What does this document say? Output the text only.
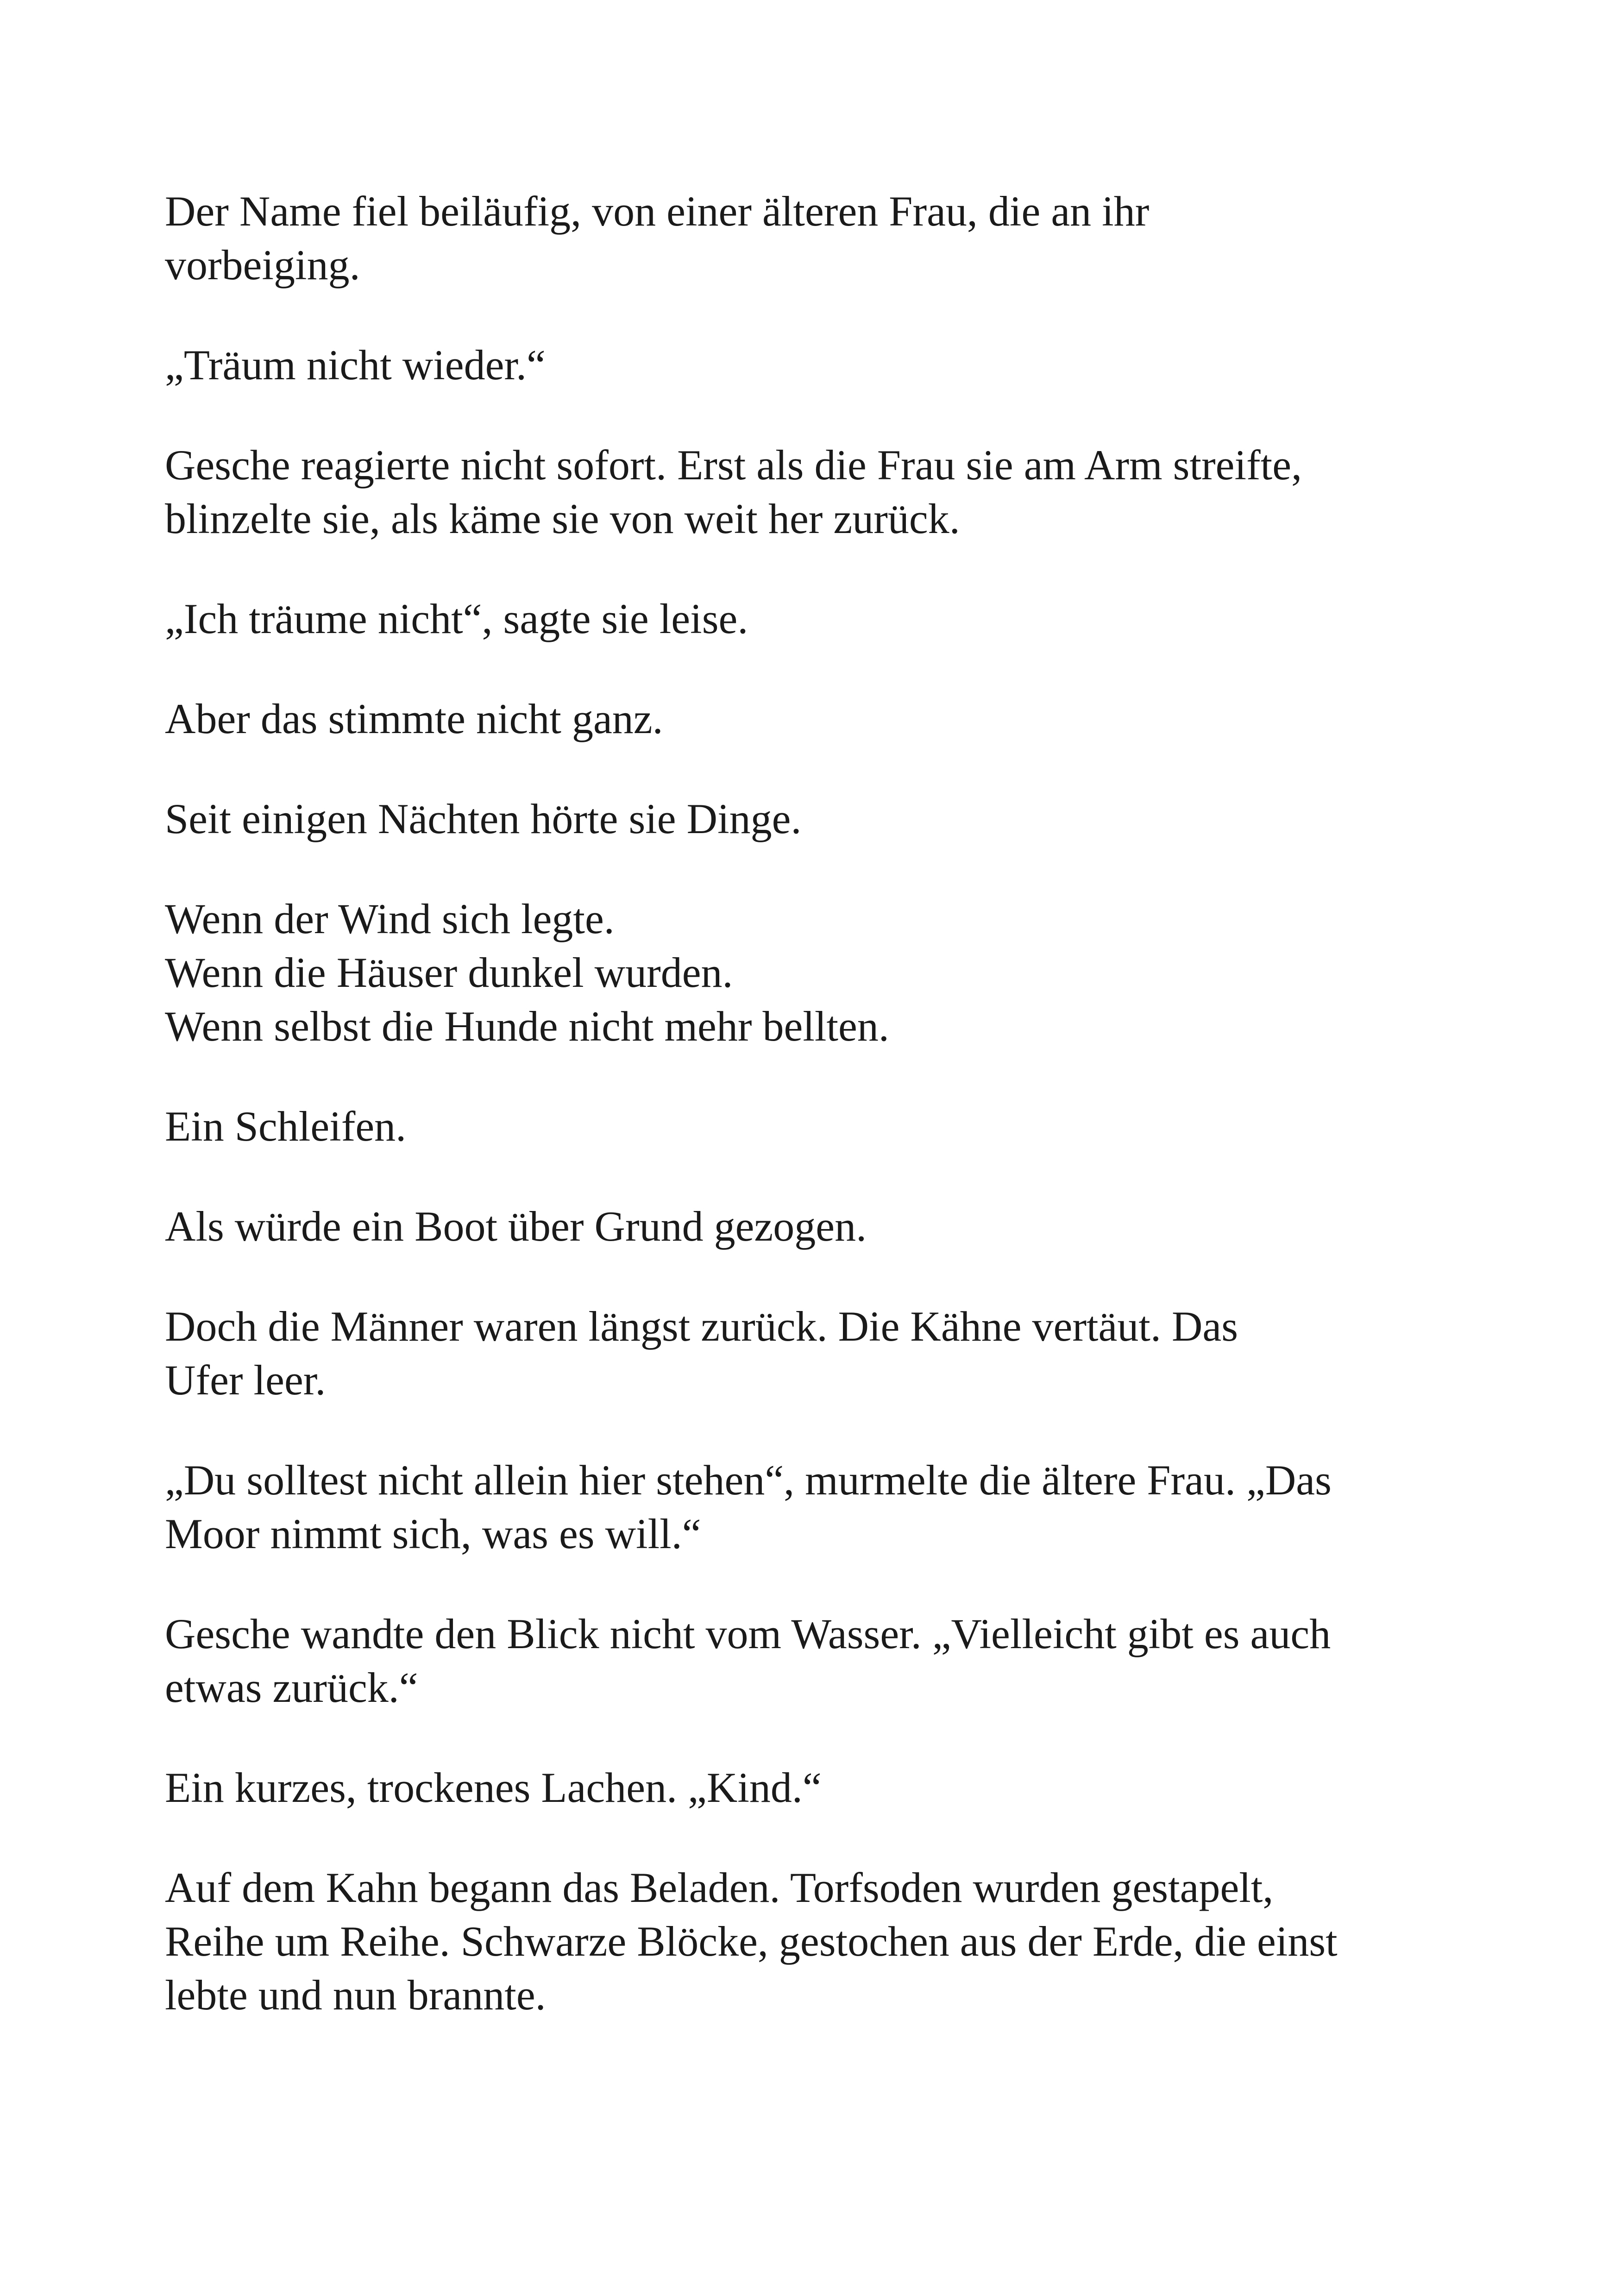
Der Name fiel beiläufig, von einer älteren Frau, die an ihr
vorbeiging.

„Träum nicht wieder.“

Gesche reagierte nicht sofort. Erst als die Frau sie am Arm streifte,
blinzelte sie, als käme sie von weit her zurück.

„Ich träume nicht“, sagte sie leise.

Aber das stimmte nicht ganz.

Seit einigen Nächten hörte sie Dinge.

Wenn der Wind sich legte.
Wenn die Häuser dunkel wurden.
Wenn selbst die Hunde nicht mehr bellten.

Ein Schleifen.

Als würde ein Boot über Grund gezogen.

Doch die Männer waren längst zurück. Die Kähne vertäut. Das
Ufer leer.

„Du solltest nicht allein hier stehen“, murmelte die ältere Frau. „Das
Moor nimmt sich, was es will.“

Gesche wandte den Blick nicht vom Wasser. „Vielleicht gibt es auch
etwas zurück.“

Ein kurzes, trockenes Lachen. „Kind.“

Auf dem Kahn begann das Beladen. Torfsoden wurden gestapelt,
Reihe um Reihe. Schwarze Blöcke, gestochen aus der Erde, die einst
lebte und nun brannte.
